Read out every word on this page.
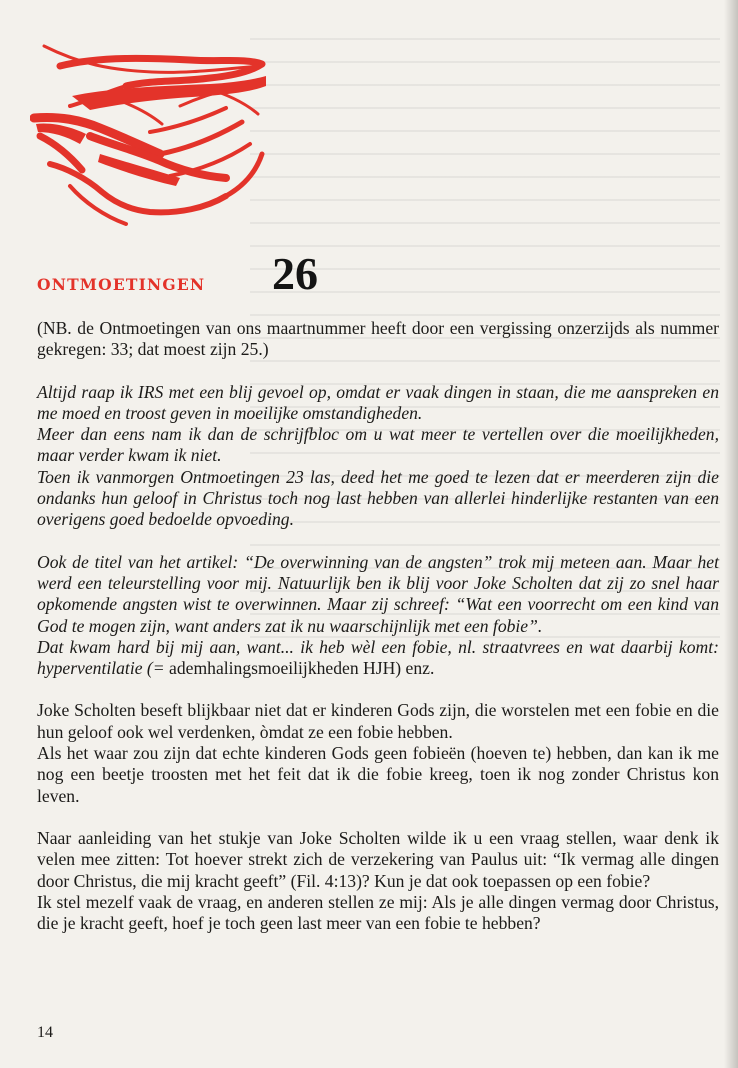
ONTMOETINGEN 26

(NB. de Ontmoetingen van ons maartnummer heeft door een vergissing onzerzijds als nummer gekregen: 33; dat moest zijn 25.)

Altijd raap ik IRS met een blij gevoel op, omdat er vaak dingen in staan, die me aanspreken en me moed en troost geven in moeilijke omstandigheden.

Meer dan eens nam ik dan de schrijfbloc om u wat meer te vertellen over die moeilijkheden, maar verder kwam ik niet.

Toen ik vanmorgen Ontmoetingen 23 las, deed het me goed te lezen dat er meerderen zijn die ondanks hun geloof in Christus toch nog last hebben van allerlei hinderlijke restanten van een overigens goed bedoelde opvoeding.

Ook de titel van het artikel: “De overwinning van de angsten” trok mij meteen aan. Maar het werd een teleurstelling voor mij. Natuurlijk ben ik blij voor Joke Scholten dat zij zo snel haar opkomende angsten wist te overwinnen. Maar zij schreef: “Wat een voorrecht om een kind van God te mogen zijn, want anders zat ik nu waarschijnlijk met een fobie”.

Dat kwam hard bij mij aan, want... ik heb wèl een fobie, nl. straatvrees en wat daarbij komt: hyperventilatie (= ademhalingsmoeilijkheden HJH) enz.

Joke Scholten beseft blijkbaar niet dat er kinderen Gods zijn, die worstelen met een fobie en die hun geloof ook wel verdenken, òmdat ze een fobie hebben.

Als het waar zou zijn dat echte kinderen Gods geen fobieën (hoeven te) hebben, dan kan ik me nog een beetje troosten met het feit dat ik die fobie kreeg, toen ik nog zonder Christus kon leven.

Naar aanleiding van het stukje van Joke Scholten wilde ik u een vraag stellen, waar denk ik velen mee zitten: Tot hoever strekt zich de verzekering van Paulus uit: “Ik vermag alle dingen door Christus, die mij kracht geeft” (Fil. 4:13)? Kun je dat ook toepassen op een fobie?

Ik stel mezelf vaak de vraag, en anderen stellen ze mij: Als je alle dingen vermag door Christus, die je kracht geeft, hoef je toch geen last meer van een fobie te hebben?

14
